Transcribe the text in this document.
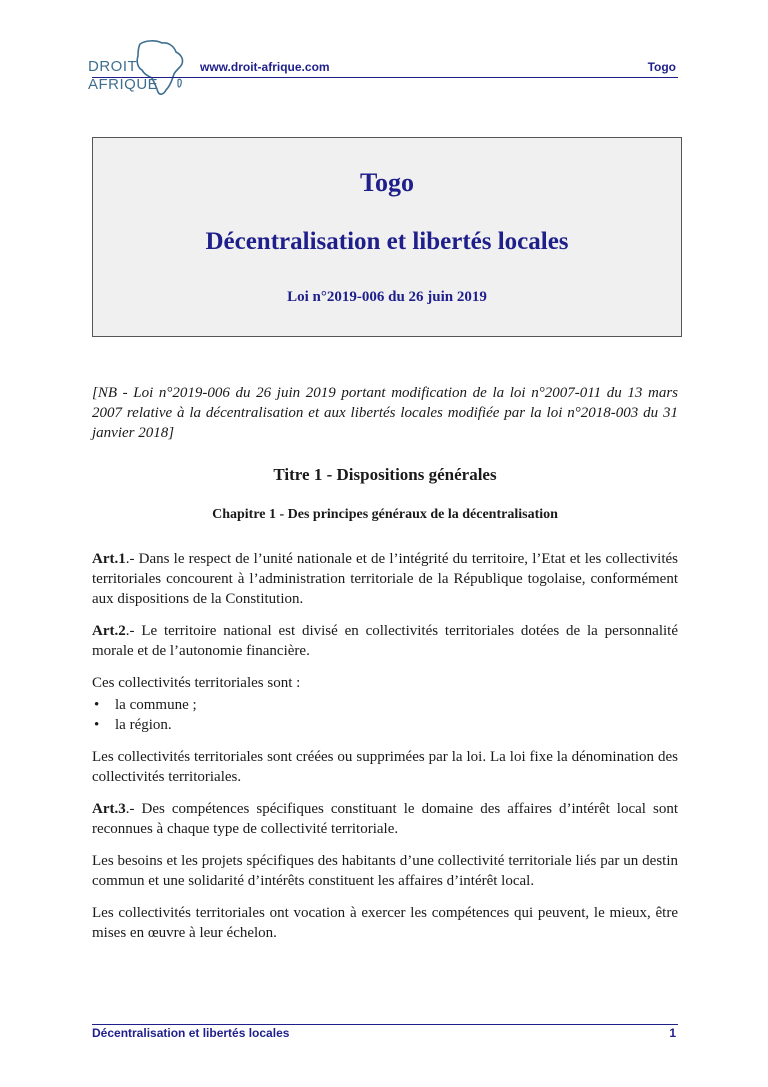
DROIT
AFRIQUE
www.droit-afrique.com	Togo
Togo
Décentralisation et libertés locales
Loi n°2019-006 du 26 juin 2019

[NB - Loi n°2019-006 du 26 juin 2019 portant modification de la loi n°2007-011 du 13 mars 2007 relative à la décentralisation et aux libertés locales modifiée par la loi n°2018-003 du 31 janvier 2018]

Titre 1 - Dispositions générales

Chapitre 1 - Des principes généraux de la décentralisation

Art.1.- Dans le respect de l’unité nationale et de l’intégrité du territoire, l’Etat et les collectivités territoriales concourent à l’administration territoriale de la République togolaise, conformément aux dispositions de la Constitution.

Art.2.- Le territoire national est divisé en collectivités territoriales dotées de la personnalité morale et de l’autonomie financière.

Ces collectivités territoriales sont :

• la commune ;
• la région.

Les collectivités territoriales sont créées ou supprimées par la loi. La loi fixe la dénomination des collectivités territoriales.

Art.3.- Des compétences spécifiques constituant le domaine des affaires d’intérêt local sont reconnues à chaque type de collectivité territoriale.

Les besoins et les projets spécifiques des habitants d’une collectivité territoriale liés par un destin commun et une solidarité d’intérêts constituent les affaires d’intérêt local.

Les collectivités territoriales ont vocation à exercer les compétences qui peuvent, le mieux, être mises en œuvre à leur échelon.

Décentralisation et libertés locales	1
